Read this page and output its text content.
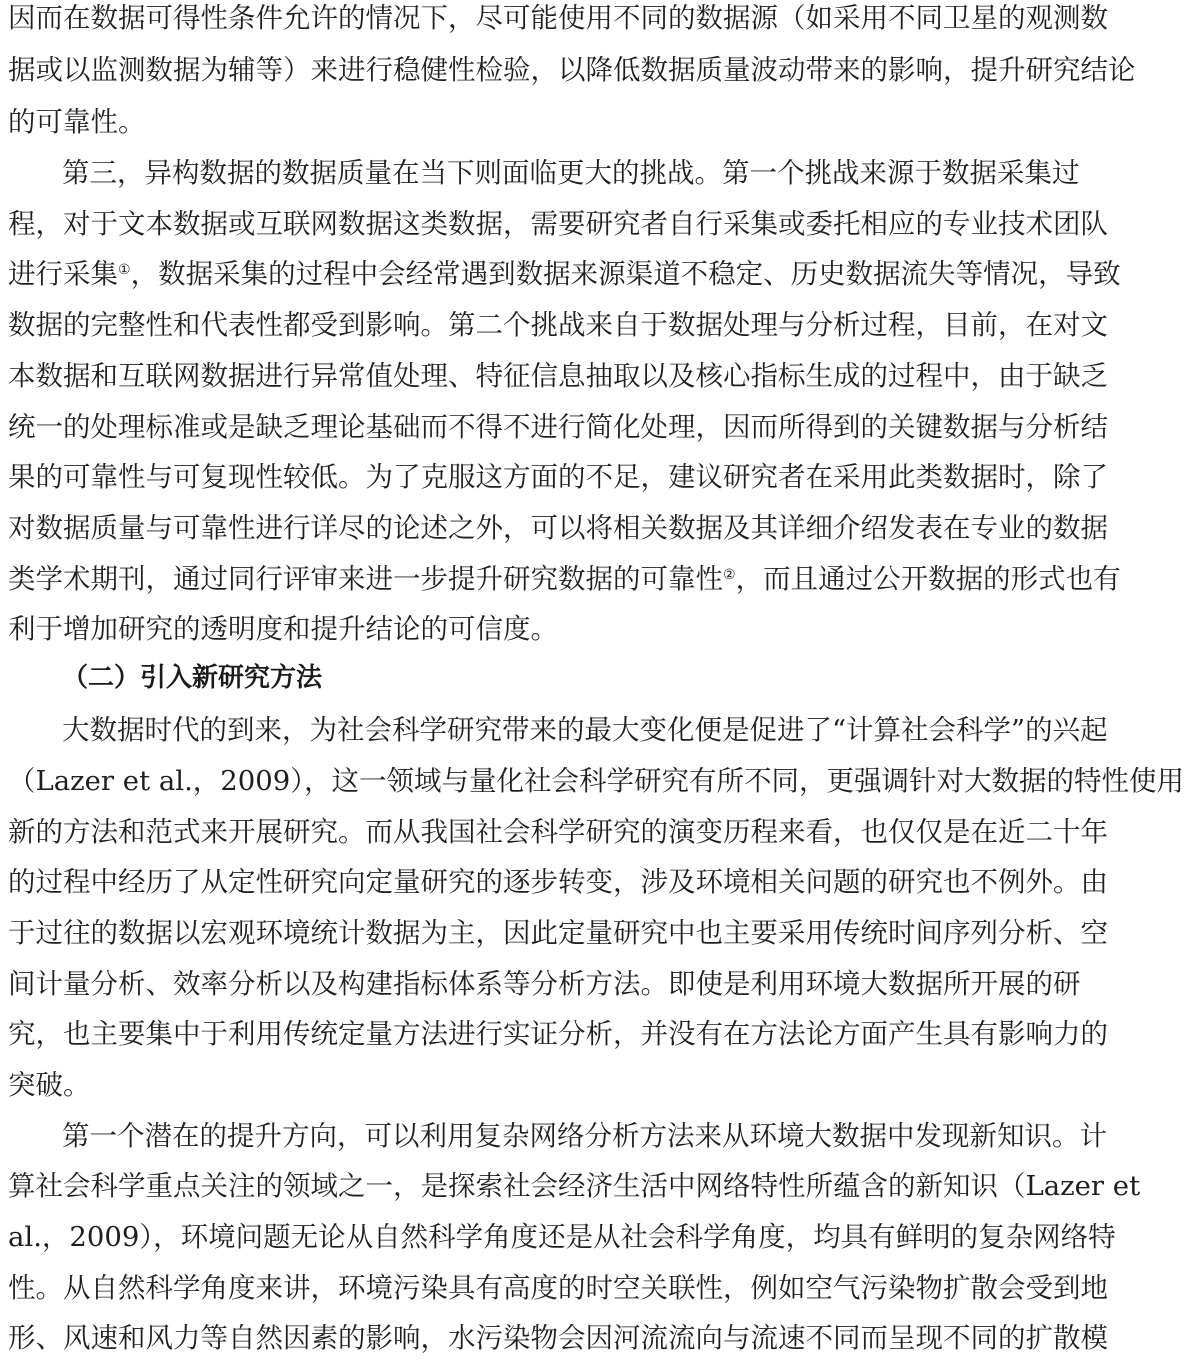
因而在数据可得性条件允许的情况下，尽可能使用不同的数据源（如采用不同卫星的观测数
据或以监测数据为辅等）来进行稳健性检验，以降低数据质量波动带来的影响，提升研究结论
的可靠性。
第三，异构数据的数据质量在当下则面临更大的挑战。第一个挑战来源于数据采集过
程，对于文本数据或互联网数据这类数据，需要研究者自行采集或委托相应的专业技术团队
进行采集①，数据采集的过程中会经常遇到数据来源渠道不稳定、历史数据流失等情况，导致
数据的完整性和代表性都受到影响。第二个挑战来自于数据处理与分析过程，目前，在对文
本数据和互联网数据进行异常值处理、特征信息抽取以及核心指标生成的过程中，由于缺乏
统一的处理标准或是缺乏理论基础而不得不进行简化处理，因而所得到的关键数据与分析结
果的可靠性与可复现性较低。为了克服这方面的不足，建议研究者在采用此类数据时，除了
对数据质量与可靠性进行详尽的论述之外，可以将相关数据及其详细介绍发表在专业的数据
类学术期刊，通过同行评审来进一步提升研究数据的可靠性②，而且通过公开数据的形式也有
利于增加研究的透明度和提升结论的可信度。
（二）引入新研究方法
大数据时代的到来，为社会科学研究带来的最大变化便是促进了“计算社会科学”的兴起
（Lazer et al.，2009），这一领域与量化社会科学研究有所不同，更强调针对大数据的特性使用
新的方法和范式来开展研究。而从我国社会科学研究的演变历程来看，也仅仅是在近二十年
的过程中经历了从定性研究向定量研究的逐步转变，涉及环境相关问题的研究也不例外。由
于过往的数据以宏观环境统计数据为主，因此定量研究中也主要采用传统时间序列分析、空
间计量分析、效率分析以及构建指标体系等分析方法。即使是利用环境大数据所开展的研
究，也主要集中于利用传统定量方法进行实证分析，并没有在方法论方面产生具有影响力的
突破。
第一个潜在的提升方向，可以利用复杂网络分析方法来从环境大数据中发现新知识。计
算社会科学重点关注的领域之一，是探索社会经济生活中网络特性所蕴含的新知识（Lazer et
al.，2009），环境问题无论从自然科学角度还是从社会科学角度，均具有鲜明的复杂网络特
性。从自然科学角度来讲，环境污染具有高度的时空关联性，例如空气污染物扩散会受到地
形、风速和风力等自然因素的影响，水污染物会因河流流向与流速不同而呈现不同的扩散模
